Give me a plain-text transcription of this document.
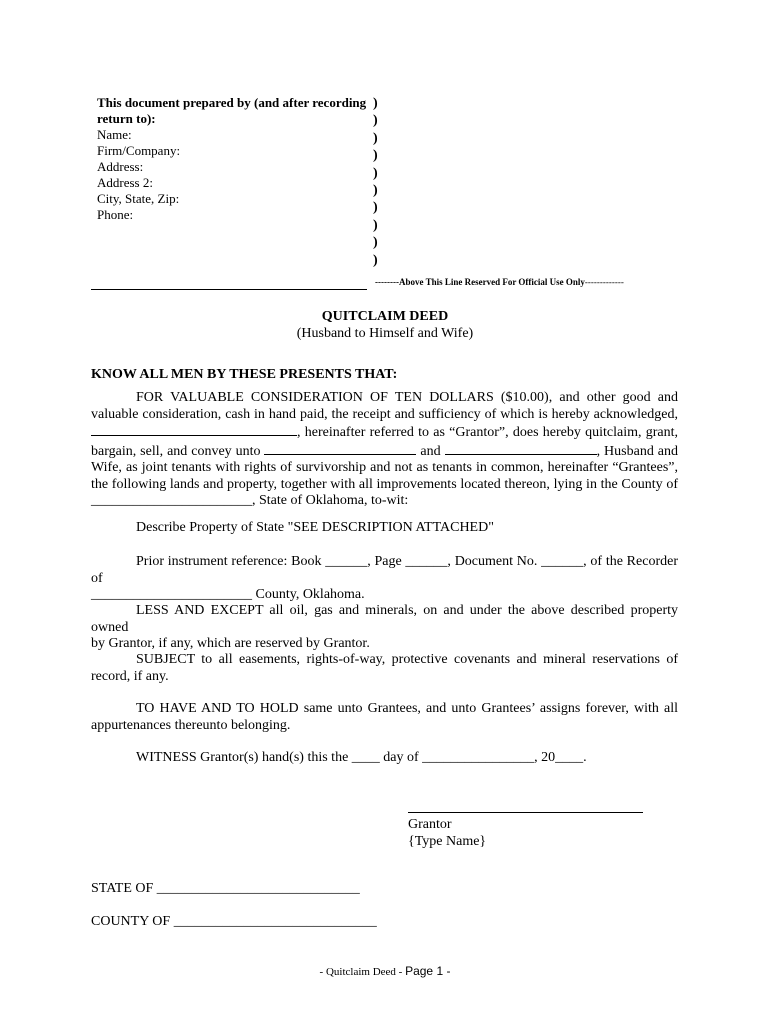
This document prepared by (and after recording
return to):
Name:
Firm/Company:
Address:
Address 2:
City, State, Zip:
Phone:
)
)
)
)
)
)
)
)
)
)
--------Above This Line Reserved For Official Use Only-------------
QUITCLAIM DEED
(Husband to Himself and Wife)
KNOW ALL MEN BY THESE PRESENTS THAT:
FOR VALUABLE CONSIDERATION OF TEN DOLLARS ($10.00), and other good and
valuable consideration, cash in hand paid, the receipt and sufficiency of which is hereby acknowledged,
, hereinafter referred to as “Grantor”, does hereby quitclaim, grant,
bargain, sell, and convey unto	and	, Husband and
Wife, as joint tenants with rights of survivorship and not as tenants in common, hereinafter “Grantees”,
the following lands and property, together with all improvements located thereon, lying in the County of
_______________________, State of Oklahoma, to-wit:
Describe Property of State "SEE DESCRIPTION ATTACHED"
Prior instrument reference: Book ______, Page ______, Document No. ______, of the Recorder of
_______________________ County, Oklahoma.
LESS AND EXCEPT all oil, gas and minerals, on and under the above described property owned
by Grantor, if any, which are reserved by Grantor.
SUBJECT to all easements, rights-of-way, protective covenants and mineral reservations of
record, if any.
TO HAVE AND TO HOLD same unto Grantees, and unto Grantees’ assigns forever, with all
appurtenances thereunto belonging.
WITNESS Grantor(s) hand(s) this the ____ day of ________________, 20____.
Grantor
{Type Name}
STATE OF _____________________________
COUNTY OF _____________________________
- Quitclaim Deed - Page 1 -
